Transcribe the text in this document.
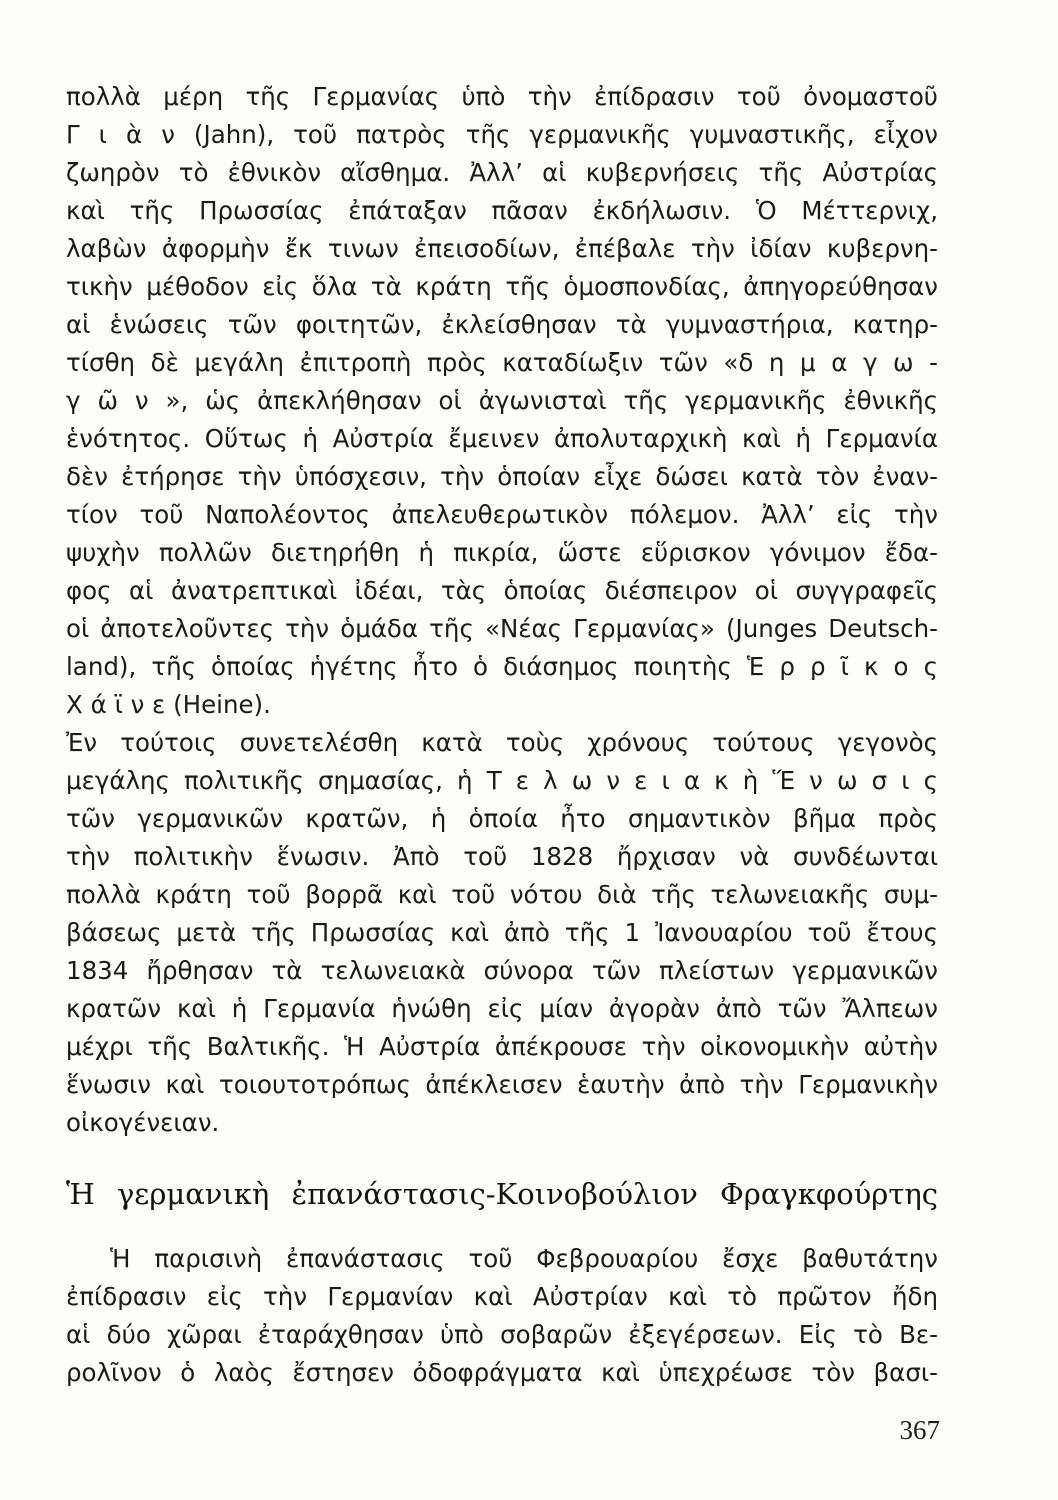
πολλὰ μέρη τῆς Γερμανίας ὑπὸ τὴν ἐπίδρασιν τοῦ ὀνομαστοῦ
Γ ι ὰ ν (Jahn), τοῦ πατρὸς τῆς γερμανικῆς γυμναστικῆς, εἶχον
ζωηρὸν τὸ ἐθνικὸν αἴσθημα. Ἀλλ’ αἱ κυβερνήσεις τῆς Αὐστρίας
καὶ τῆς Πρωσσίας ἐπάταξαν πᾶσαν ἐκδήλωσιν. Ὁ Μέττερνιχ,
λαβὼν ἀφορμὴν ἔκ τινων ἐπεισοδίων, ἐπέβαλε τὴν ἰδίαν κυβερνη-
τικὴν μέθοδον εἰς ὅλα τὰ κράτη τῆς ὁμοσπονδίας, ἀπηγορεύθησαν
αἱ ἑνώσεις τῶν φοιτητῶν, ἐκλείσθησαν τὰ γυμναστήρια, κατηρ-
τίσθη δὲ μεγάλη ἐπιτροπὴ πρὸς καταδίωξιν τῶν «δ η μ α γ ω -
γ ῶ ν », ὡς ἀπεκλήθησαν οἱ ἀγωνισταὶ τῆς γερμανικῆς ἐθνικῆς
ἑνότητος. Οὕτως ἡ Αὐστρία ἔμεινεν ἀπολυταρχικὴ καὶ ἡ Γερμανία
δὲν ἐτήρησε τὴν ὑπόσχεσιν, τὴν ὁποίαν εἶχε δώσει κατὰ τὸν ἐναν-
τίον τοῦ Ναπολέοντος ἀπελευθερωτικὸν πόλεμον. Ἀλλ’ εἰς τὴν
ψυχὴν πολλῶν διετηρήθη ἡ πικρία, ὥστε εὕρισκον γόνιμον ἔδα-
φος αἱ ἀνατρεπτικαὶ ἰδέαι, τὰς ὁποίας διέσπειρον οἱ συγγραφεῖς
οἱ ἀποτελοῦντες τὴν ὁμάδα τῆς «Νέας Γερμανίας» (Junges Deutsch-
land), τῆς ὁποίας ἡγέτης ἦτο ὁ διάσημος ποιητὴς Ἑ ρ ρ ῖ κ ο ς
Χ ά ϊ ν ε (Heine).
Ἐν τούτοις συνετελέσθη κατὰ τοὺς χρόνους τούτους γεγονὸς
μεγάλης πολιτικῆς σημασίας, ἡ Τ ε λ ω ν ε ι α κ ὴ Ἕ ν ω σ ι ς
τῶν γερμανικῶν κρατῶν, ἡ ὁποία ἦτο σημαντικὸν βῆμα πρὸς
τὴν πολιτικὴν ἕνωσιν. Ἀπὸ τοῦ 1828 ἤρχισαν νὰ συνδέωνται
πολλὰ κράτη τοῦ βορρᾶ καὶ τοῦ νότου διὰ τῆς τελωνειακῆς συμ-
βάσεως μετὰ τῆς Πρωσσίας καὶ ἀπὸ τῆς 1 Ἰανουαρίου τοῦ ἔτους
1834 ἤρθησαν τὰ τελωνειακὰ σύνορα τῶν πλείστων γερμανικῶν
κρατῶν καὶ ἡ Γερμανία ἡνώθη εἰς μίαν ἀγορὰν ἀπὸ τῶν Ἄλπεων
μέχρι τῆς Βαλτικῆς. Ἡ Αὐστρία ἀπέκρουσε τὴν οἰκονομικὴν αὐτὴν
ἕνωσιν καὶ τοιουτοτρόπως ἀπέκλεισεν ἑαυτὴν ἀπὸ τὴν Γερμανικὴν
οἰκογένειαν.
Ἡ γερμανικὴ ἐπανάστασις-Κοινοβούλιον Φραγκφούρτης
Ἡ παρισινὴ ἐπανάστασις τοῦ Φεβρουαρίου ἔσχε βαθυτάτην
ἐπίδρασιν εἰς τὴν Γερμανίαν καὶ Αὐστρίαν καὶ τὸ πρῶτον ἤδη
αἱ δύο χῶραι ἐταράχθησαν ὑπὸ σοβαρῶν ἐξεγέρσεων. Εἰς τὸ Βε-
ρολῖνον ὁ λαὸς ἔστησεν ὀδοφράγματα καὶ ὑπεχρέωσε τὸν βασι-
367
